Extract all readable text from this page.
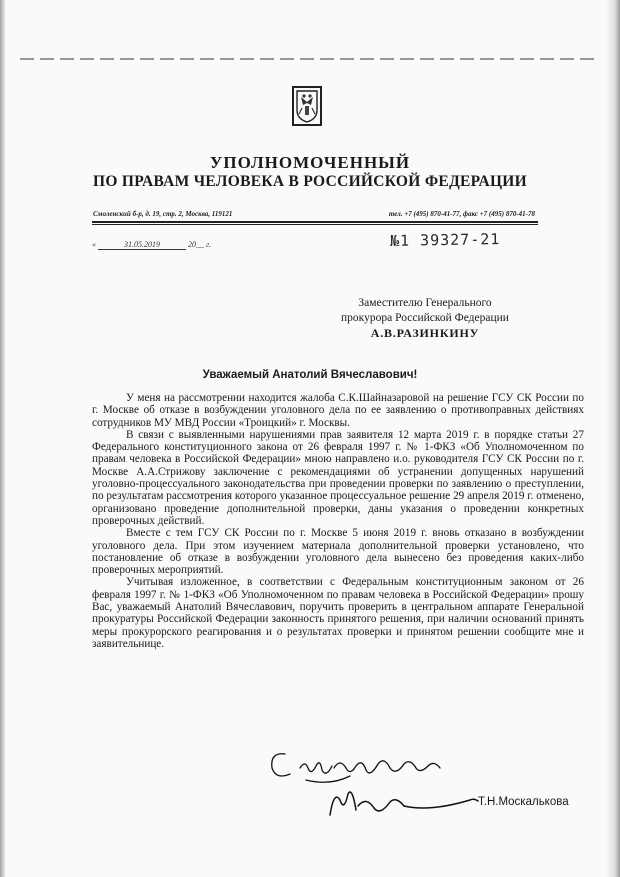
УПОЛНОМОЧЕННЫЙ
ПО ПРАВАМ ЧЕЛОВЕКА В РОССИЙСКОЙ ФЕДЕРАЦИИ
Смоленский б-р, д. 19, стр. 2, Москва, 119121	тел. +7 (495) 870-41-77, факс +7 (495) 870-41-78
«	31.05.2019	20__ г.	№1 39327-21
Заместителю Генерального
прокурора Российской Федерации
А.В.РАЗИНКИНУ
Уважаемый Анатолий Вячеславович!

У меня на рассмотрении находится жалоба С.К.Шайназаровой на решение ГСУ СК России по г. Москве об отказе в возбуждении уголовного дела по ее заявлению о противоправных действиях сотрудников МУ МВД России «Троицкий» г. Москвы.

В связи с выявленными нарушениями прав заявителя 12 марта 2019 г. в порядке статьи 27 Федерального конституционного закона от 26 февраля 1997 г. № 1-ФКЗ «Об Уполномоченном по правам человека в Российской Федерации» мною направлено и.о. руководителя ГСУ СК России по г. Москве А.А.Стрижову заключение с рекомендациями об устранении допущенных нарушений уголовно-процессуального законодательства при проведении проверки по заявлению о преступлении, по результатам рассмотрения которого указанное процессуальное решение 29 апреля 2019 г. отменено, организовано проведение дополнительной проверки, даны указания о проведении конкретных проверочных действий.

Вместе с тем ГСУ СК России по г. Москве 5 июня 2019 г. вновь отказано в возбуждении уголовного дела. При этом изучением материала дополнительной проверки установлено, что постановление об отказе в возбуждении уголовного дела вынесено без проведения каких-либо проверочных мероприятий.

Учитывая изложенное, в соответствии с Федеральным конституционным законом от 26 февраля 1997 г. № 1-ФКЗ «Об Уполномоченном по правам человека в Российской Федерации» прошу Вас, уважаемый Анатолий Вячеславович, поручить проверить в центральном аппарате Генеральной прокуратуры Российской Федерации законность принятого решения, при наличии оснований принять меры прокурорского реагирования и о результатах проверки и принятом решении сообщите мне и заявительнице.

Т.Н.Москалькова
